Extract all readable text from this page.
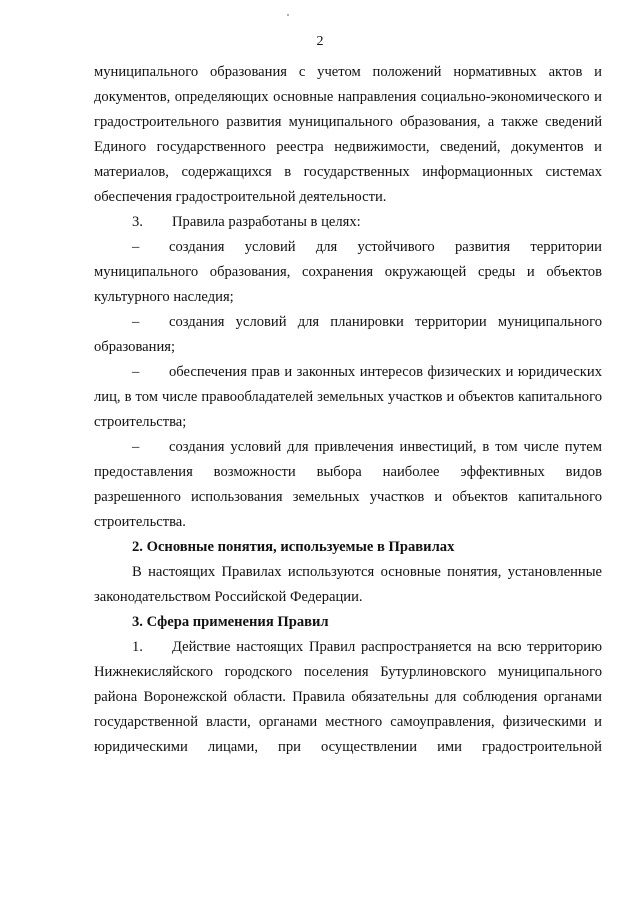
2

муниципального образования с учетом положений нормативных актов и документов, определяющих основные направления социально-экономического и градостроительного развития муниципального образования, а также сведений Единого государственного реестра недвижимости, сведений, документов и материалов, содержащихся в государственных информационных системах обеспечения градостроительной деятельности.

3. Правила разработаны в целях:

– создания условий для устойчивого развития территории муниципального образования, сохранения окружающей среды и объектов культурного наследия;

– создания условий для планировки территории муниципального образования;

– обеспечения прав и законных интересов физических и юридических лиц, в том числе правообладателей земельных участков и объектов капитального строительства;

– создания условий для привлечения инвестиций, в том числе путем предоставления возможности выбора наиболее эффективных видов разрешенного использования земельных участков и объектов капитального строительства.

2. Основные понятия, используемые в Правилах

В настоящих Правилах используются основные понятия, установленные законодательством Российской Федерации.

3. Сфера применения Правил

1. Действие настоящих Правил распространяется на всю территорию Нижнекисляйского городского поселения Бутурлиновского муниципального района Воронежской области. Правила обязательны для соблюдения органами государственной власти, органами местного самоуправления, физическими и юридическими лицами, при осуществлении ими градостроительной
